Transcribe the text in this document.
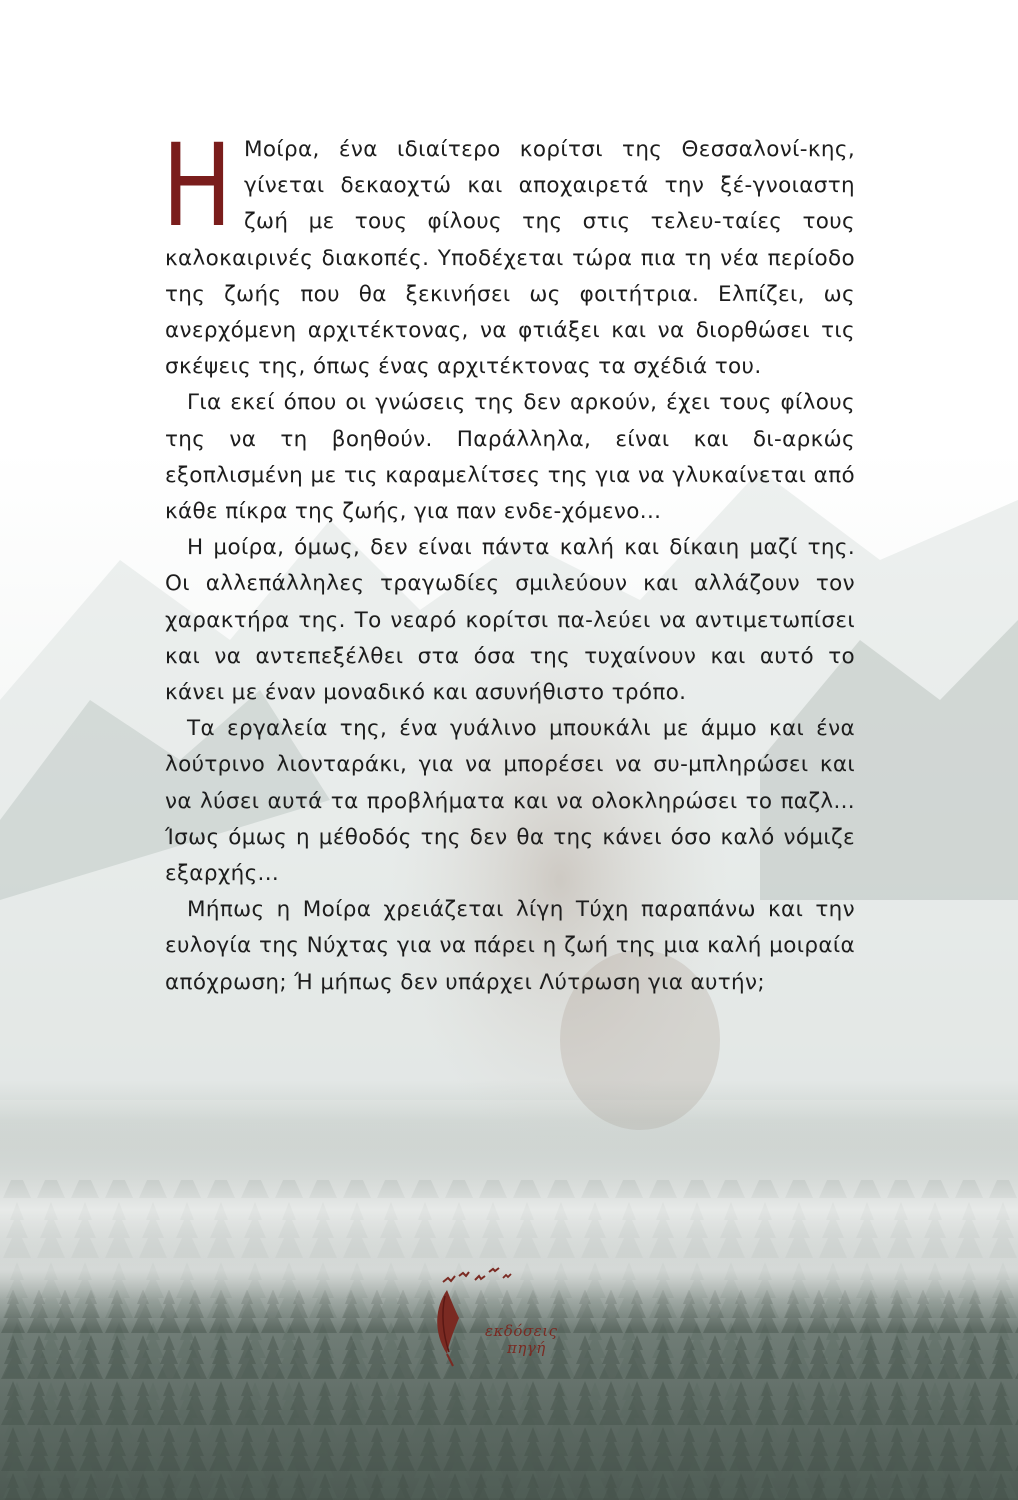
Η Μοίρα, ένα ιδιαίτερο κορίτσι της Θεσσαλονί-κης, γίνεται δεκαοχτώ και αποχαιρετά την ξέ-γνοιαστη ζωή με τους φίλους της στις τελευ-ταίες τους καλοκαιρινές διακοπές. Υποδέχεται τώρα πια τη νέα περίοδο της ζωής που θα ξεκινήσει ως φοιτήτρια. Ελπίζει, ως ανερχόμενη αρχιτέκτονας, να φτιάξει και να διορθώσει τις σκέψεις της, όπως ένας αρχιτέκτονας τα σχέδιά του.

Για εκεί όπου οι γνώσεις της δεν αρκούν, έχει τους φίλους της να τη βοηθούν. Παράλληλα, είναι και δι-αρκώς εξοπλισμένη με τις καραμελίτσες της για να γλυκαίνεται από κάθε πίκρα της ζωής, για παν ενδε-χόμενο...

Η μοίρα, όμως, δεν είναι πάντα καλή και δίκαιη μαζί της. Οι αλλεπάλληλες τραγωδίες σμιλεύουν και αλλάζουν τον χαρακτήρα της. Το νεαρό κορίτσι πα-λεύει να αντιμετωπίσει και να αντεπεξέλθει στα όσα της τυχαίνουν και αυτό το κάνει με έναν μοναδικό και ασυνήθιστο τρόπο.

Τα εργαλεία της, ένα γυάλινο μπουκάλι με άμμο και ένα λούτρινο λιονταράκι, για να μπορέσει να συ-μπληρώσει και να λύσει αυτά τα προβλήματα και να ολοκληρώσει το παζλ... Ίσως όμως η μέθοδός της δεν θα της κάνει όσο καλό νόμιζε εξαρχής...

Μήπως η Μοίρα χρειάζεται λίγη Τύχη παραπάνω και την ευλογία της Νύχτας για να πάρει η ζωή της μια καλή μοιραία απόχρωση; Ή μήπως δεν υπάρχει Λύτρωση για αυτήν;

εκδόσεις
πηγή
